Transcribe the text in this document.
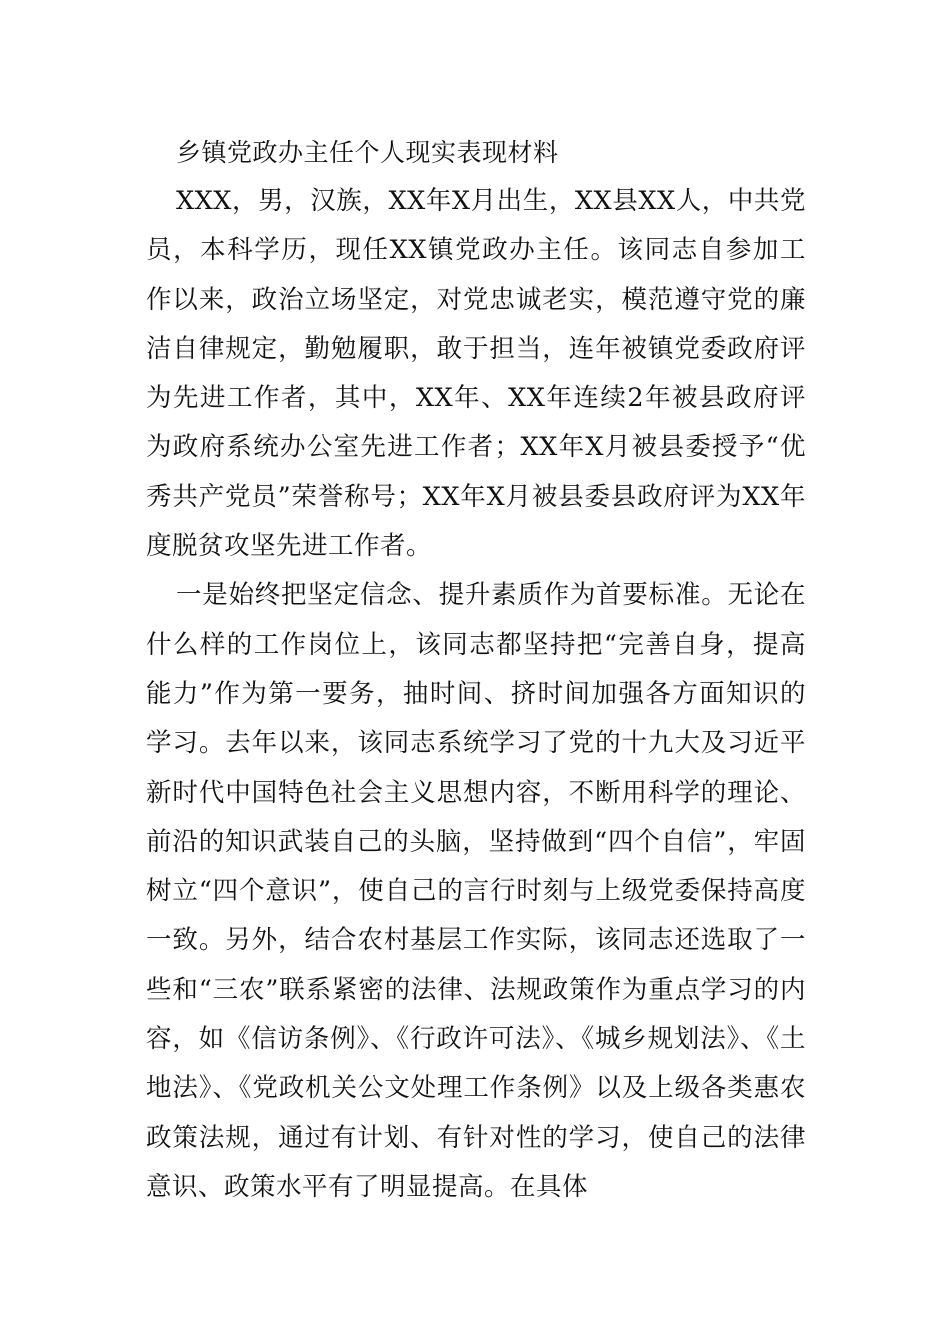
乡镇党政办主任个人现实表现材料

XXX，男，汉族，XX年X月出生，XX县XX人，中共党员，本科学历，现任XX镇党政办主任。该同志自参加工作以来，政治立场坚定，对党忠诚老实，模范遵守党的廉洁自律规定，勤勉履职，敢于担当，连年被镇党委政府评为先进工作者，其中，XX年、XX年连续2年被县政府评为政府系统办公室先进工作者；XX年X月被县委授予“优秀共产党员”荣誉称号；XX年X月被县委县政府评为XX年度脱贫攻坚先进工作者。

一是始终把坚定信念、提升素质作为首要标准。无论在什么样的工作岗位上，该同志都坚持把“完善自身，提高能力”作为第一要务，抽时间、挤时间加强各方面知识的学习。去年以来，该同志系统学习了党的十九大及习近平新时代中国特色社会主义思想内容，不断用科学的理论、前沿的知识武装自己的头脑，坚持做到“四个自信”，牢固树立“四个意识”，使自己的言行时刻与上级党委保持高度一致。另外，结合农村基层工作实际，该同志还选取了一些和“三农”联系紧密的法律、法规政策作为重点学习的内容，如《信访条例》、《行政许可法》、《城乡规划法》、《土地法》、《党政机关公文处理工作条例》以及上级各类惠农政策法规，通过有计划、有针对性的学习，使自己的法律意识、政策水平有了明显提高。在具体
